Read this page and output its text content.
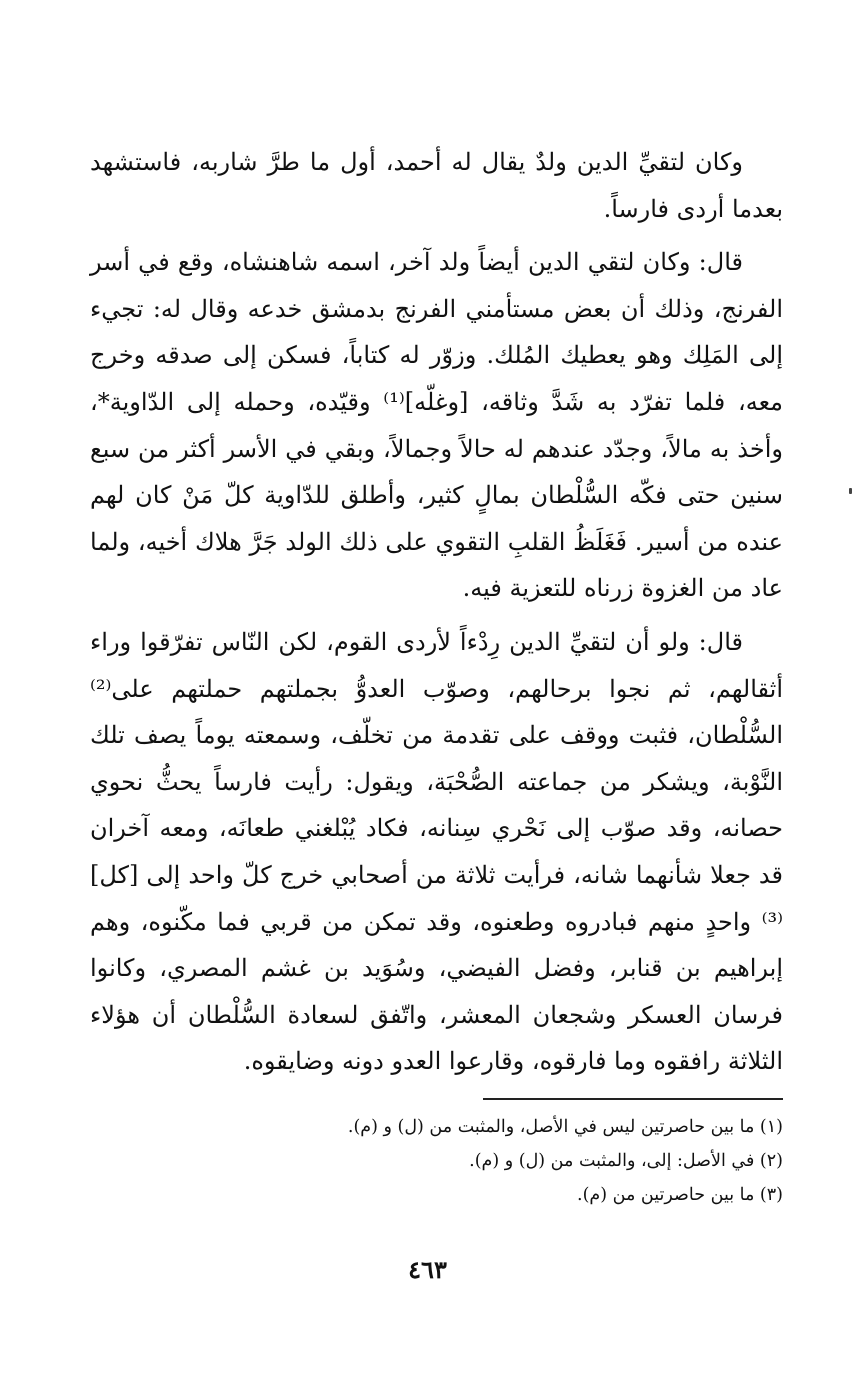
وكان لتقيِّ الدين ولدٌ يقال له أحمد، أول ما طرَّ شاربه، فاستشهد بعدما أردى فارساً.

قال: وكان لتقي الدين أيضاً ولد آخر، اسمه شاهنشاه، وقع في أسر الفرنج، وذلك أن بعض مستأمني الفرنج بدمشق خدعه وقال له: تجيء إلى المَلِك وهو يعطيك المُلك. وزوّر له كتاباً، فسكن إلى صدقه وخرج معه، فلما تفرّد به شَدَّ وثاقه، [وغلّه]⁽¹⁾ وقيّده، وحمله إلى الدّاوية*، وأخذ به مالاً، وجدّد عندهم له حالاً وجمالاً، وبقي في الأسر أكثر من سبع سنين حتى فكّه السُّلْطان بمالٍ كثير، وأطلق للدّاوية كلّ مَنْ كان لهم عنده من أسير. فَغَلَظُ القلبِ التقوي على ذلك الولد جَرَّ هلاك أخيه، ولما عاد من الغزوة زرناه للتعزية فيه.

قال: ولو أن لتقيِّ الدين رِدْءاً لأردى القوم، لكن النّاس تفرّقوا وراء أثقالهم، ثم نجوا برحالهم، وصوّب العدوُّ بجملتهم حملتهم على⁽²⁾ السُّلْطان، فثبت ووقف على تقدمة من تخلّف، وسمعته يوماً يصف تلك النَّوْبة، ويشكر من جماعته الصُّحْبَة، ويقول: رأيت فارساً يحثُّ نحوي حصانه، وقد صوّب إلى نَحْري سِنانه، فكاد يُبْلغني طعانَه، ومعه آخران قد جعلا شأنهما شانه، فرأيت ثلاثة من أصحابي خرج كلّ واحد إلى [كل]⁽³⁾ واحدٍ منهم فبادروه وطعنوه، وقد تمكن من قربي فما مكّنوه، وهم إبراهيم بن قنابر، وفضل الفيضي، وسُوَيد بن غشم المصري، وكانوا فرسان العسكر وشجعان المعشر، واتّفق لسعادة السُّلْطان أن هؤلاء الثلاثة رافقوه وما فارقوه، وقارعوا العدو دونه وضايقوه.

(١) ما بين حاصرتين ليس في الأصل، والمثبت من (ل) و (م).

(٢) في الأصل: إلى، والمثبت من (ل) و (م).

(٣) ما بين حاصرتين من (م).

٤٦٣
